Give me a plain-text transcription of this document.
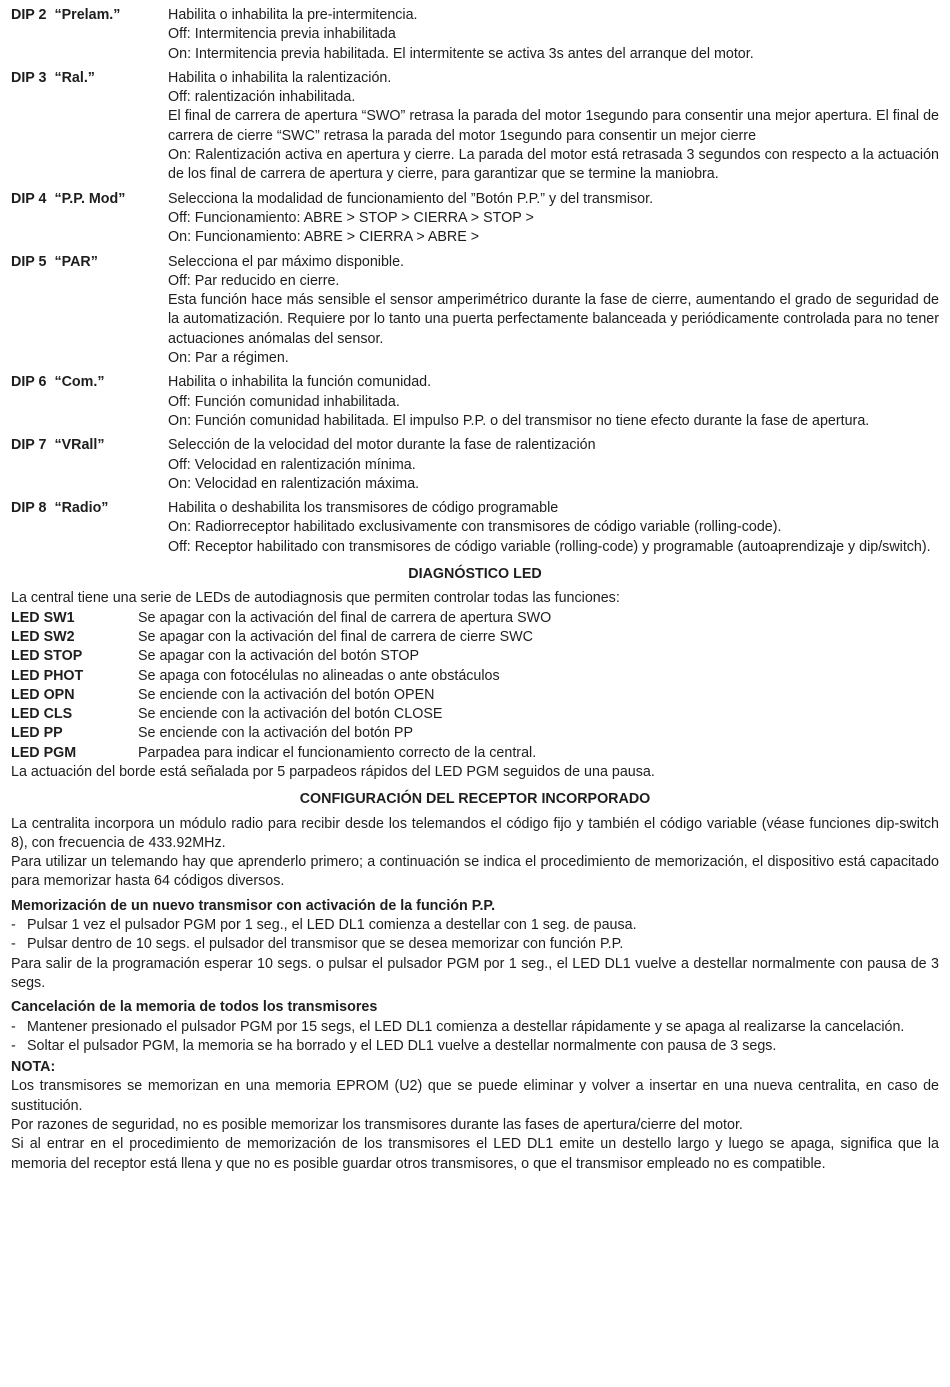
DIP 2  “Prelam.”	Habilita o inhabilita la pre-intermitencia.
Off: Intermitencia previa inhabilitada
On: Intermitencia previa habilitada. El intermitente se activa 3s antes del arranque del motor.
DIP 3  “Ral.”	Habilita o inhabilita la ralentización.
Off: ralentización inhabilitada.
El final de carrera de apertura “SWO” retrasa la parada del motor 1segundo para consentir una mejor apertura. El final de carrera de cierre “SWC” retrasa la parada del motor 1segundo para consentir un mejor cierre
On: Ralentización activa en apertura y cierre. La parada del motor está retrasada 3 segundos con respecto a la actuación de los final de carrera de apertura y cierre, para garantizar que se termine la maniobra.
DIP 4  “P.P. Mod”	Selecciona la modalidad de funcionamiento del ”Botón P.P.” y del transmisor.
Off: Funcionamiento: ABRE > STOP > CIERRA > STOP >
On: Funcionamiento: ABRE > CIERRA > ABRE >
DIP 5  “PAR”	Selecciona el par máximo disponible.
Off: Par reducido en cierre.
Esta función hace más sensible el sensor amperimétrico durante la fase de cierre, aumentando el grado de seguridad de la automatización. Requiere por lo tanto una puerta perfectamente balanceada y periódicamente controlada para no tener actuaciones anómalas del sensor.
On: Par a régimen.
DIP 6  “Com.”	Habilita o inhabilita la función comunidad.
Off: Función comunidad inhabilitada.
On: Función comunidad habilitada. El impulso P.P. o del transmisor no tiene efecto durante la fase de apertura.
DIP 7  “VRall”	Selección de la velocidad del motor durante la fase de ralentización
Off: Velocidad en ralentización mínima.
On: Velocidad en ralentización máxima.
DIP 8  “Radio”	Habilita o deshabilita los transmisores de código programable
On: Radiorreceptor habilitado exclusivamente con transmisores de código variable (rolling-code).
Off: Receptor habilitado con transmisores de código variable (rolling-code) y programable (autoaprendizaje y dip/switch).
DIAGNÓSTICO LED
La central tiene una serie de LEDs de autodiagnosis que permiten controlar todas las funciones:
LED SW1	Se apagar con la activación del final de carrera de apertura SWO
LED SW2	Se apagar con la activación del final de carrera de cierre SWC
LED STOP	Se apagar con la activación del botón STOP
LED PHOT	Se apaga con fotocélulas no alineadas o ante obstáculos
LED OPN	Se enciende con la activación del botón OPEN
LED CLS	Se enciende con la activación del botón CLOSE
LED PP	Se enciende con la activación del botón PP
LED PGM	Parpadea para indicar el funcionamiento correcto de la central.
La actuación del borde está señalada por 5 parpadeos rápidos del LED PGM seguidos de una pausa.
CONFIGURACIÓN DEL RECEPTOR INCORPORADO
La centralita incorpora un módulo radio para recibir desde los telemandos el código fijo y también el código variable (véase funciones dip-switch 8), con frecuencia de 433.92MHz.
Para utilizar un telemando hay que aprenderlo primero; a continuación se indica el procedimiento de memorización, el dispositivo está capacitado para memorizar hasta 64 códigos diversos.
Memorización de un nuevo transmisor con activación de la función P.P.
- Pulsar 1 vez el pulsador PGM por 1 seg., el LED DL1 comienza a destellar con 1 seg. de pausa.
- Pulsar dentro de 10 segs. el pulsador del transmisor que se desea memorizar con función P.P.
Para salir de la programación esperar 10 segs. o pulsar el pulsador PGM por 1 seg., el LED DL1 vuelve a destellar normalmente con pausa de 3 segs.
Cancelación de la memoria de todos los transmisores
- Mantener presionado el pulsador PGM por 15 segs, el LED DL1 comienza a destellar rápidamente y se apaga al realizarse la cancelación.
- Soltar el pulsador PGM, la memoria se ha borrado y el LED DL1 vuelve a destellar normalmente con pausa de 3 segs.
NOTA:
Los transmisores se memorizan en una memoria EPROM (U2) que se puede eliminar y volver a insertar en una nueva centralita, en caso de sustitución.
Por razones de seguridad, no es posible memorizar los transmisores durante las fases de apertura/cierre del motor.
Si al entrar en el procedimiento de memorización de los transmisores el LED DL1 emite un destello largo y luego se apaga, significa que la memoria del receptor está llena y que no es posible guardar otros transmisores, o que el transmisor empleado no es compatible.
